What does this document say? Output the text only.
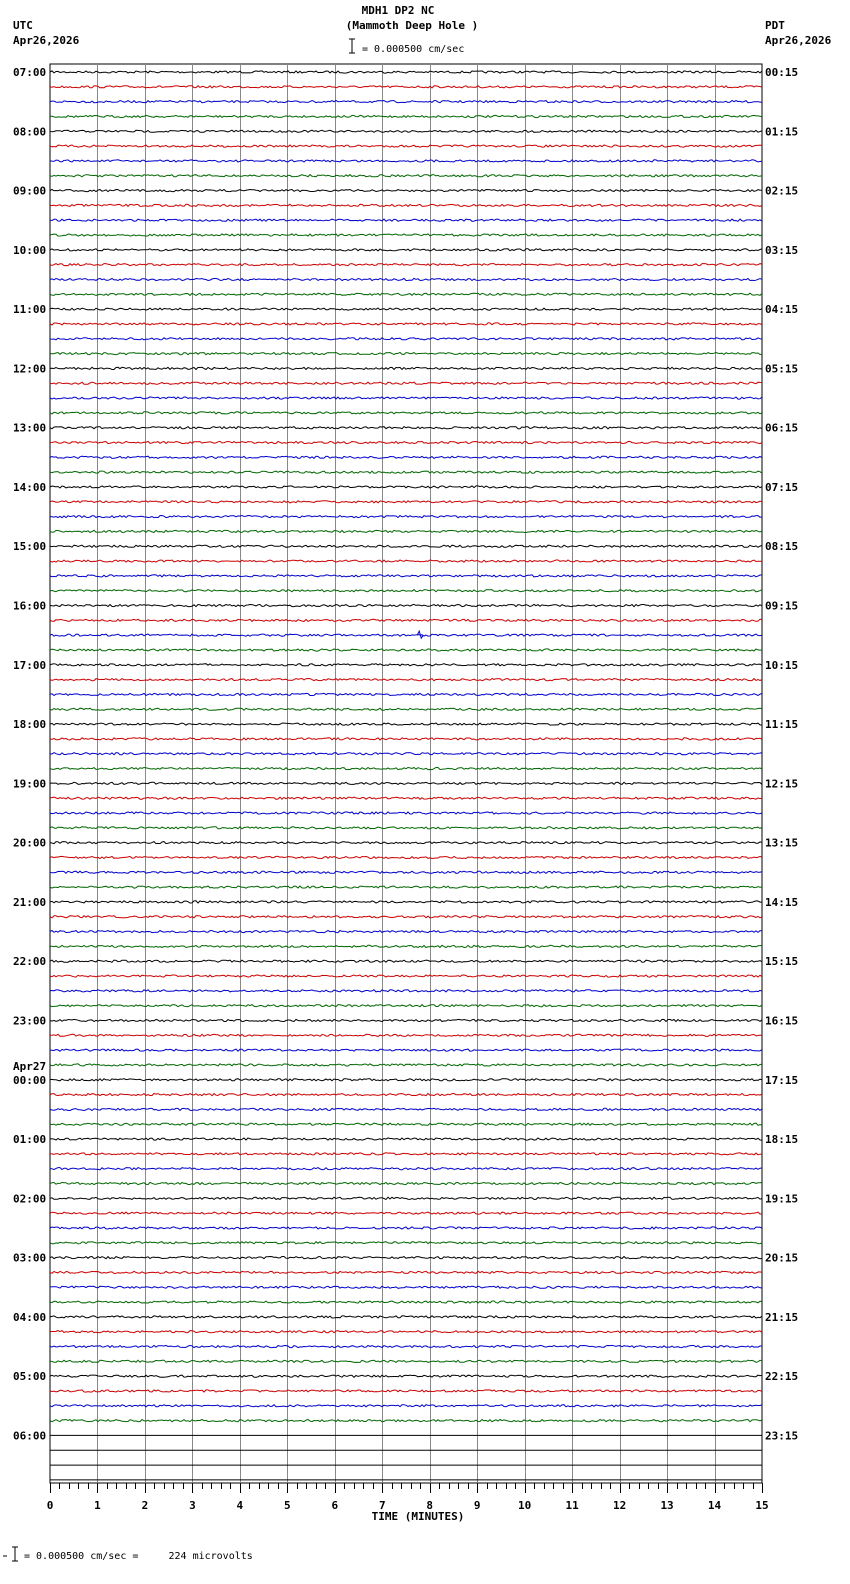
MDH1 DP2 NC
(Mammoth Deep Hole )
= 0.000500 cm/sec
UTC
Apr26,2026
PDT
Apr26,2026
0	1	2	3	4	5	6	7	8	9	10	11	12	13	14	15
07:00
08:00
09:00
10:00
11:00
12:00
13:00
14:00
15:00
16:00
17:00
18:00
19:00
20:00
21:00
22:00
23:00
00:00
Apr27
01:00
02:00
03:00
04:00
05:00
06:00
00:15
01:15
02:15
03:15
04:15
05:15
06:15
07:15
08:15
09:15
10:15
11:15
12:15
13:15
14:15
15:15
16:15
17:15
18:15
19:15
20:15
21:15
22:15
23:15
TIME (MINUTES)
= 0.000500 cm/sec =     224 microvolts
